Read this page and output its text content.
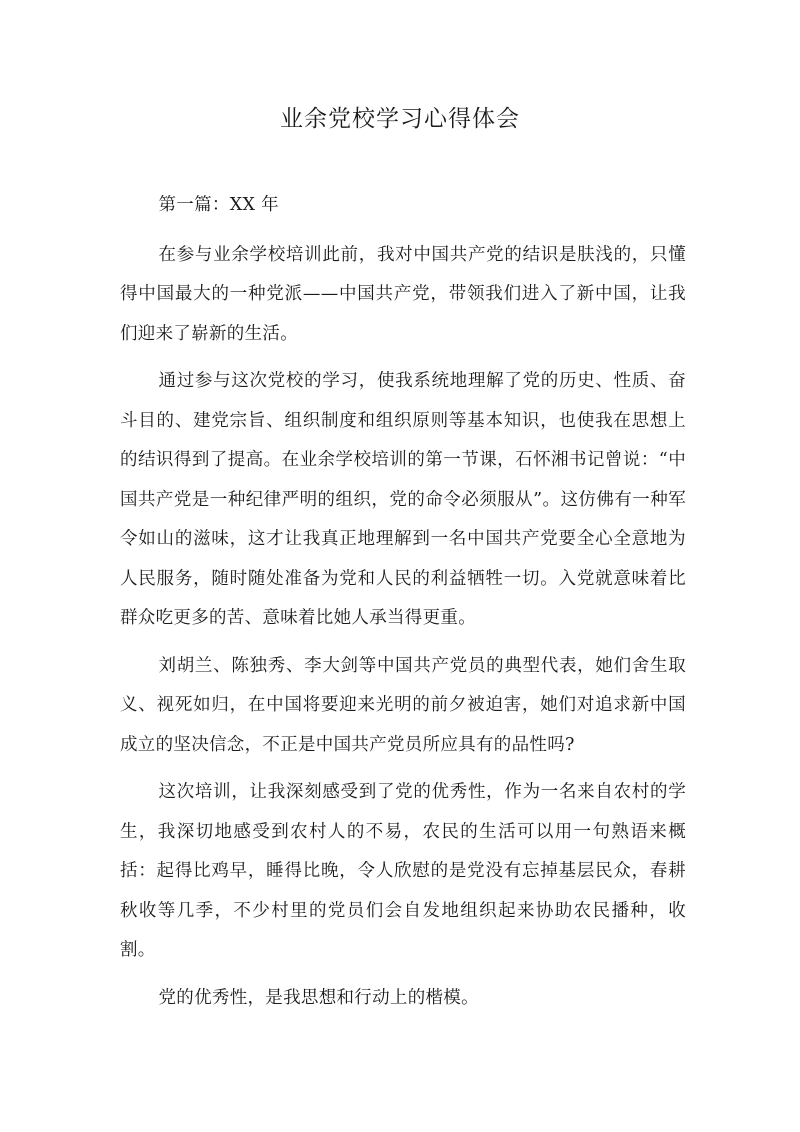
业余党校学习心得体会

第一篇：XX 年

在参与业余学校培训此前，我对中国共产党的结识是肤浅的，只懂得中国最大的一种党派——中国共产党，带领我们进入了新中国，让我们迎来了崭新的生活。

通过参与这次党校的学习，使我系统地理解了党的历史、性质、奋斗目的、建党宗旨、组织制度和组织原则等基本知识，也使我在思想上的结识得到了提高。在业余学校培训的第一节课，石怀湘书记曾说：“中国共产党是一种纪律严明的组织，党的命令必须服从”。这仿佛有一种军令如山的滋味，这才让我真正地理解到一名中国共产党要全心全意地为人民服务，随时随处准备为党和人民的利益牺牲一切。入党就意味着比群众吃更多的苦、意味着比她人承当得更重。

刘胡兰、陈独秀、李大剑等中国共产党员的典型代表，她们舍生取义、视死如归，在中国将要迎来光明的前夕被迫害，她们对追求新中国成立的坚决信念，不正是中国共产党员所应具有的品性吗?

这次培训，让我深刻感受到了党的优秀性，作为一名来自农村的学生，我深切地感受到农村人的不易，农民的生活可以用一句熟语来概括：起得比鸡早，睡得比晚，令人欣慰的是党没有忘掉基层民众，春耕秋收等几季，不少村里的党员们会自发地组织起来协助农民播种，收割。

党的优秀性，是我思想和行动上的楷模。
